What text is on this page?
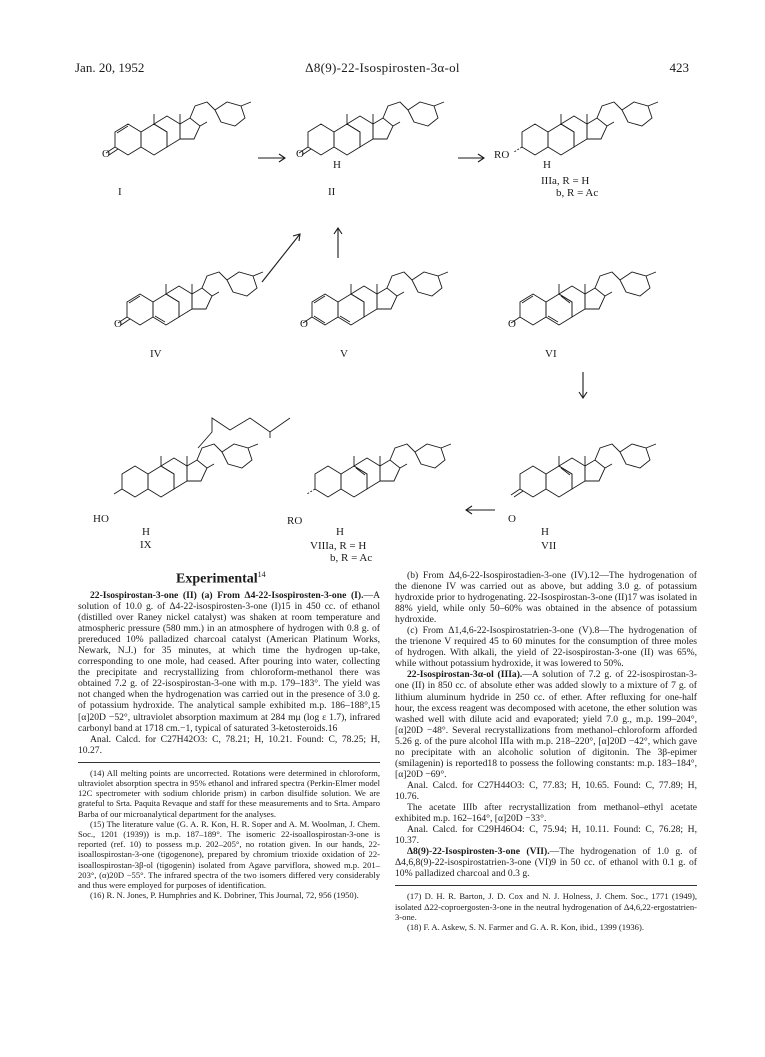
Jan. 20, 1952	Δ8(9)-22-Isospirosten-3α-ol	423
O
I
O
H
II
RO
H
IIIa, R = H
b, R = Ac
O
IV
O
V
O
VI
HO
H
IX
RO
H
VIIIa, R = H
b, R = Ac
O
H
VII
Experimental$^{14}$

22-Isospirostan-3-one (II) (a) From Δ4-22-Isospirosten-3-one (I).—A solution of 10.0 g. of Δ4-22-isospirosten-3-one (I)15 in 450 cc. of ethanol (distilled over Raney nickel catalyst) was shaken at room temperature and atmospheric pressure (580 mm.) in an atmosphere of hydrogen with 0.8 g. of prereduced 10% palladized charcoal catalyst (American Platinum Works, Newark, N.J.) for 35 minutes, at which time the hydrogen up-take, corresponding to one mole, had ceased. After pouring into water, collecting the precipitate and recrystallizing from chloroform-methanol there was obtained 7.2 g. of 22-isospirostan-3-one with m.p. 179–183°. The yield was not changed when the hydrogenation was carried out in the presence of 3.0 g. of potassium hydroxide. The analytical sample exhibited m.p. 186–188°,15 [α]20D −52°, ultraviolet absorption maximum at 284 mμ (log ε 1.7), infrared carbonyl band at 1718 cm.−1, typical of saturated 3-ketosteroids.16

Anal. Calcd. for C27H42O3: C, 78.21; H, 10.21. Found: C, 78.25; H, 10.27.

(14) All melting points are uncorrected. Rotations were determined in chloroform, ultraviolet absorption spectra in 95% ethanol and infrared spectra (Perkin-Elmer model 12C spectrometer with sodium chloride prism) in carbon disulfide solution. We are grateful to Srta. Paquita Revaque and staff for these measurements and to Srta. Amparo Barba of our microanalytical department for the analyses.

(15) The literature value (G. A. R. Kon, H. R. Soper and A. M. Woolman, J. Chem. Soc., 1201 (1939)) is m.p. 187–189°. The isomeric 22-isoallospirostan-3-one is reported (ref. 10) to possess m.p. 202–205°, no rotation given. In our hands, 22-isoallospirostan-3-one (tigogenone), prepared by chromium trioxide oxidation of 22-isoallospirostan-3β-ol (tigogenin) isolated from Agave parviflora, showed m.p. 201–203°, (α)20D −55°. The infrared spectra of the two isomers differed very considerably and thus were employed for purposes of identification.

(16) R. N. Jones, P. Humphries and K. Dobriner, This Journal, 72, 956 (1950).

(b) From Δ4,6-22-Isospirostadien-3-one (IV).12—The hydrogenation of the dienone IV was carried out as above, but adding 3.0 g. of potassium hydroxide prior to hydrogenating. 22-Isospirostan-3-one (II)17 was isolated in 88% yield, while only 50–60% was obtained in the absence of potassium hydroxide.

(c) From Δ1,4,6-22-Isospirostatrien-3-one (V).8—The hydrogenation of the trienone V required 45 to 60 minutes for the consumption of three moles of hydrogen. With alkali, the yield of 22-isospirostan-3-one (II) was 65%, while without potassium hydroxide, it was lowered to 50%.

22-Isospirostan-3α-ol (IIIa).—A solution of 7.2 g. of 22-isospirostan-3-one (II) in 850 cc. of absolute ether was added slowly to a mixture of 7 g. of lithium aluminum hydride in 250 cc. of ether. After refluxing for one-half hour, the excess reagent was decomposed with acetone, the ether solution was washed well with dilute acid and evaporated; yield 7.0 g., m.p. 199–204°, [α]20D −48°. Several recrystallizations from methanol–chloroform afforded 5.26 g. of the pure alcohol IIIa with m.p. 218–220°, [α]20D −42°, which gave no precipitate with an alcoholic solution of digitonin. The 3β-epimer (smilagenin) is reported18 to possess the following constants: m.p. 183–184°, [α]20D −69°.

Anal. Calcd. for C27H44O3: C, 77.83; H, 10.65. Found: C, 77.89; H, 10.76.

The acetate IIIb after recrystallization from methanol–ethyl acetate exhibited m.p. 162–164°, [α]20D −33°.

Anal. Calcd. for C29H46O4: C, 75.94; H, 10.11. Found: C, 76.28; H, 10.37.

Δ8(9)-22-Isospirosten-3-one (VII).—The hydrogenation of 1.0 g. of Δ4,6,8(9)-22-isospirostatrien-3-one (VI)9 in 50 cc. of ethanol with 0.1 g. of 10% palladized charcoal and 0.3 g.

(17) D. H. R. Barton, J. D. Cox and N. J. Holness, J. Chem. Soc., 1771 (1949), isolated Δ22-coproergosten-3-one in the neutral hydrogenation of Δ4,6,22-ergostatrien-3-one.

(18) F. A. Askew, S. N. Farmer and G. A. R. Kon, ibid., 1399 (1936).
